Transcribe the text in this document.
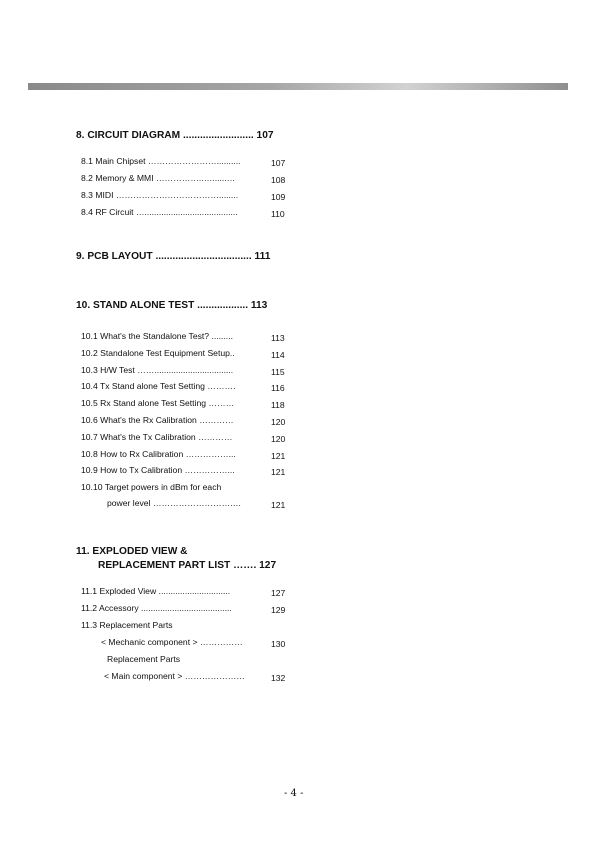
8. CIRCUIT DIAGRAM ......................... 107
8.1 Main Chipset ……………………..........	107
8.2 Memory & MMI ……………..…......…	108
8.3 MIDI ………………………………........	109
8.4 RF Circuit ….......................................	110
9. PCB LAYOUT .................................. 111
10. STAND ALONE TEST .................. 113
10.1 What's the Standalone Test? .........	113
10.2 Standalone Test Equipment Setup..	114
10.3 H/W Test …….................................	115
10.4 Tx Stand alone Test Setting ……….	116
10.5 Rx Stand alone Test Setting ………	118
10.6 What's the Rx Calibration …………	120
10.7 What's the Tx Calibration …………	120
10.8 How to Rx Calibration ……………...	121
10.9 How to Tx Calibration ……………...	121
10.10 Target powers in dBm for each
power level ……………………….…	121
11. EXPLODED VIEW &
REPLACEMENT PART LIST ……. 127
11.1 Exploded View ..............................	127
11.2 Accessory ......................................	129
11.3 Replacement Parts
< Mechanic component > ……………	130
Replacement Parts
< Main component > …………………	132
- 4 -
